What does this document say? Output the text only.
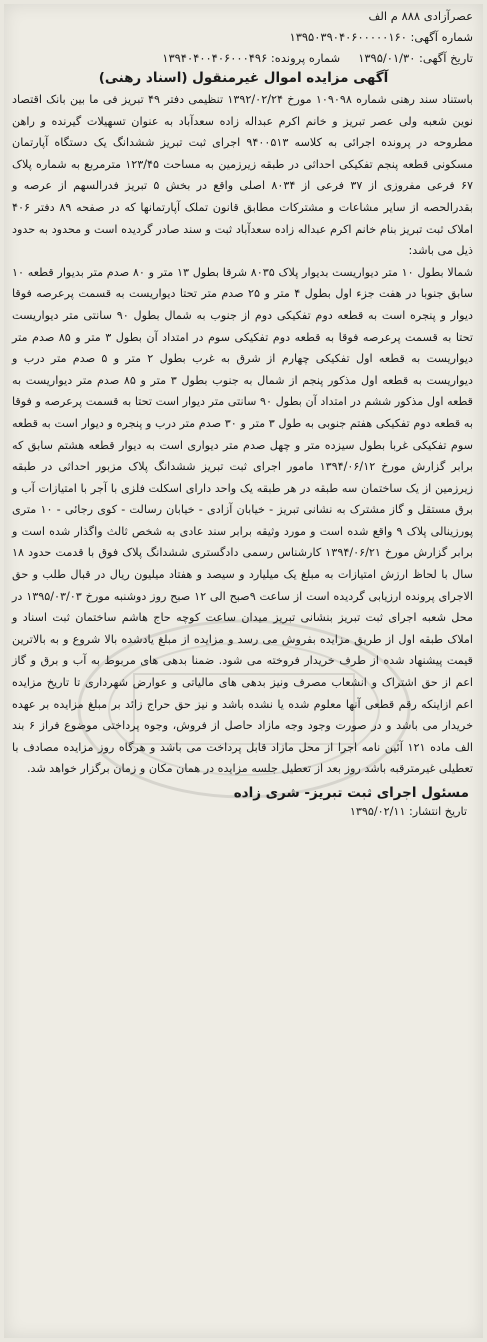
عصرآزادی ۸۸۸ م الف
شماره آگهی: ۱۳۹۵۰۳۹۰۴۰۶۰۰۰۰۰۱۶۰
تاریخ آگهی: ۱۳۹۵/۰۱/۳۰
شماره پرونده: ۱۳۹۴۰۴۰۰۴۰۶۰۰۰۴۹۶
آگهی مزایده اموال غیرمنقول (اسناد رهنی)

باستناد سند رهنی شماره ۱۰۹۰۹۸ مورخ ۱۳۹۲/۰۲/۲۴ تنظیمی دفتر ۴۹ تبریز فی ما بین بانک اقتصاد نوین شعبه ولی عصر تبریز و خانم اکرم عبداله زاده سعدآباد به عنوان تسهیلات گیرنده و راهن مطروحه در پرونده اجرائی به کلاسه ۹۴۰۰۵۱۳ اجرای ثبت تبریز ششدانگ یک دستگاه آپارتمان مسکونی قطعه پنجم تفکیکی احداثی در طبقه زیرزمین به مساحت ۱۲۳/۴۵ مترمربع به شماره پلاک ۶۷ فرعی مفروزی از ۳۷ فرعی از ۸۰۳۴ اصلی واقع در بخش ۵ تبریز فدرالسهم از عرصه و بقدرالحصه از سایر مشاعات و مشترکات مطابق قانون تملک آپارتمانها که در صفحه ۸۹ دفتر ۴۰۶ املاک ثبت تبریز بنام خانم اکرم عبداله زاده سعدآباد ثبت و سند صادر گردیده است و محدود به حدود ذیل می باشد:

شمالا بطول ۱۰ متر دیواریست بدیوار پلاک ۸۰۳۵ شرقا بطول ۱۳ متر و ۸۰ صدم متر بدیوار قطعه ۱۰ سابق جنوبا در هفت جزء اول بطول ۴ متر و ۲۵ صدم متر تحتا دیواریست به قسمت پرعرصه فوقا دیوار و پنجره است به قطعه دوم تفکیکی دوم از جنوب به شمال بطول ۹۰ سانتی متر دیواریست تحتا به قسمت پرعرصه فوقا به قطعه دوم تفکیکی سوم در امتداد آن بطول ۳ متر و ۸۵ صدم متر دیواریست به قطعه اول تفکیکی چهارم از شرق به غرب بطول ۲ متر و ۵ صدم متر درب و دیواریست به قطعه اول مذکور پنجم از شمال به جنوب بطول ۳ متر و ۸۵ صدم متر دیواریست به قطعه اول مذکور ششم در امتداد آن بطول ۹۰ سانتی متر دیوار است تحتا به قسمت پرعرصه و فوقا به قطعه دوم تفکیکی هفتم جنوبی به طول ۳ متر و ۳۰ صدم متر درب و پنجره و دیوار است به قطعه سوم تفکیکی غربا بطول سیزده متر و چهل صدم متر دیواری است به دیوار قطعه هشتم سابق که برابر گزارش مورخ ۱۳۹۴/۰۶/۱۲ مامور اجرای ثبت تبریز ششدانگ پلاک مزبور احداثی در طبقه زیرزمین از یک ساختمان سه طبقه در هر طبقه یک واحد دارای اسکلت فلزی با آجر با امتیازات آب و برق مستقل و گاز مشترک به نشانی تبریز - خیابان آزادی - خیابان رسالت - کوی رجائی - ۱۰ متری پورزینالی پلاک ۹ واقع شده است و مورد وثیقه برابر سند عادی به شخص ثالث واگذار شده است و برابر گزارش مورخ ۱۳۹۴/۰۶/۲۱ کارشناس رسمی دادگستری ششدانگ پلاک فوق با قدمت حدود ۱۸ سال با لحاظ ارزش امتیازات به مبلغ یک میلیارد و سیصد و هفتاد میلیون ریال در قبال طلب و حق الاجرای پرونده ارزیابی گردیده است از ساعت ۹صبح الی ۱۲ صبح روز دوشنبه مورخ ۱۳۹۵/۰۳/۰۳ در محل شعبه اجرای ثبت تبریز بنشانی تبریز میدان ساعت کوچه حاج هاشم ساختمان ثبت اسناد و املاک طبقه اول از طریق مزایده بفروش می رسد و مزایده از مبلغ یادشده بالا شروع و به بالاترین قیمت پیشنهاد شده از طرف خریدار فروخته می شود. ضمنا بدهی های مربوط به آب و برق و گاز اعم از حق اشتراک و انشعاب مصرف ونیز بدهی های مالیاتی و عوارض شهرداری تا تاریخ مزایده اعم ازاینکه رقم قطعی آنها معلوم شده یا نشده باشد و نیز حق حراج زائد بر مبلغ مزایده بر عهده خریدار می باشد و در صورت وجود وجه مازاد حاصل از فروش، وجوه پرداختی موضوع فراز ۶ بند الف ماده ۱۲۱ آئین نامه اجرا از محل مازاد قابل پرداخت می باشد و هرگاه روز مزایده مصادف با تعطیلی غیرمترقبه باشد روز بعد از تعطیل جلسه مزایده در همان مکان و زمان برگزار خواهد شد.

مسئول اجرای ثبت تبریز- شری زاده
تاریخ انتشار: ۱۳۹۵/۰۲/۱۱
